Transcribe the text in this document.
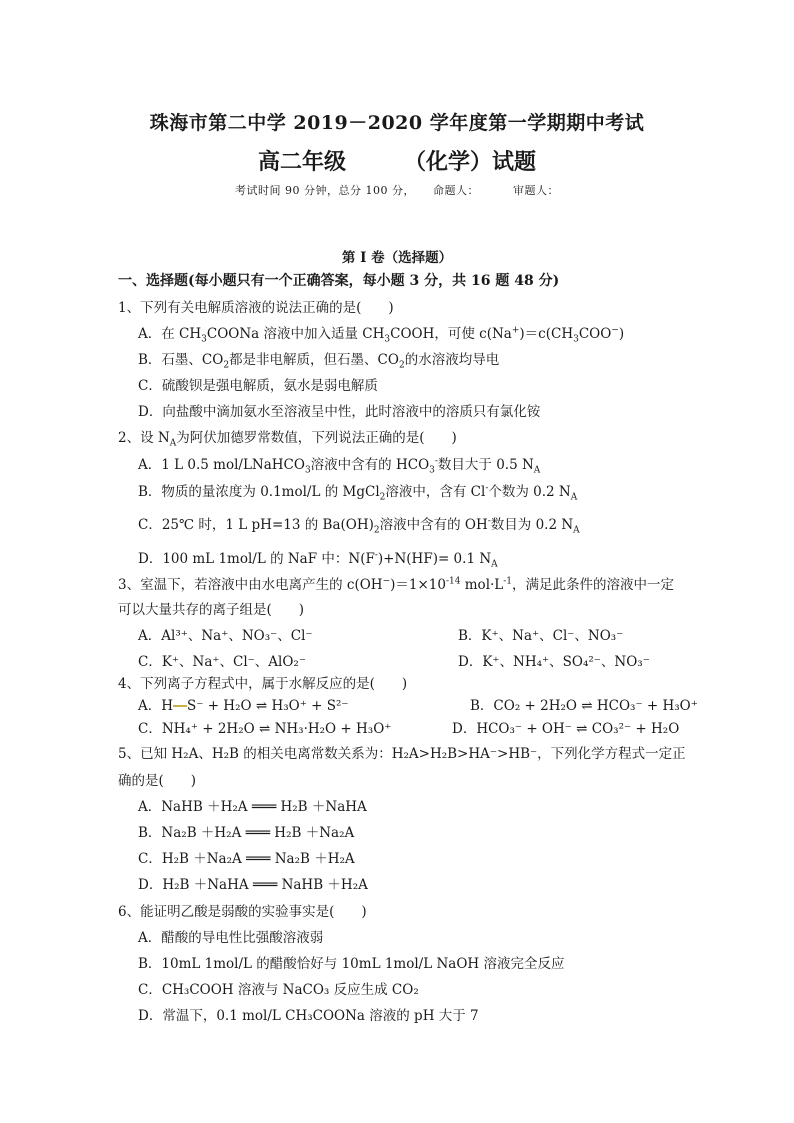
珠海市第二中学 2019－2020 学年度第一学期期中考试
高二年级	（化学）试题
考试时间 90 分钟，总分 100 分， 命题人：	审题人：
第 I 卷（选择题）
一、选择题(每小题只有一个正确答案，每小题 3 分，共 16 题 48 分)
1、下列有关电解质溶液的说法正确的是(　　)
A．在 $CH_3COONa$ 溶液中加入适量 $CH_3COOH$，可使 $c(Na^+)=c(CH_3COO^-)$
B．石墨、$CO_2$都是非电解质，但石墨、$CO_2$的水溶液均导电
C．硫酸钡是强电解质，氨水是弱电解质
D．向盐酸中滴加氨水至溶液呈中性，此时溶液中的溶质只有氯化铵
2、设 $N_A$为阿伏加德罗常数值，下列说法正确的是(　　)
A．1 L 0.5 mol/LNaHCO$_3$溶液中含有的 $HCO_3^-$数目大于 0.5 $N_A$
B．物质的量浓度为 0.1mol/L 的 MgCl$_2$溶液中，含有 Cl-个数为 0.2 $N_A$
C．25℃ 时，1 L pH=13 的 $Ba(OH)_2$溶液中含有的 OH-数目为 0.2 $N_A$
D．100 mL 1mol/L 的 NaF 中：N(F-)+N(HF)= 0.1 $N_A$
3、室温下，若溶液中由水电离产生的 $c(OH^-)=1\times 10^{-14}$ $mol\cdot L^{-1}$，满足此条件的溶液中一定
可以大量共存的离子组是(　　)
A．Al³⁺、Na⁺、NO₃⁻、Cl⁻	B．K⁺、Na⁺、Cl⁻、NO₃⁻
C．K⁺、Na⁺、Cl⁻、AlO₂⁻	D．K⁺、NH₄⁺、SO₄²⁻、NO₃⁻
4、下列离子方程式中，属于水解反应的是(　　)
A．H S⁻ + H₂O ⇌ H₃O⁺ + S²⁻	B．CO₂ + 2H₂O ⇌ HCO₃⁻ + H₃O⁺
C．NH₄⁺ + 2H₂O ⇌ NH₃·H₂O + H₃O⁺	D．HCO₃⁻ + OH⁻ ⇌ CO₃²⁻ + H₂O
5、已知 H₂A、H₂B 的相关电离常数关系为：H₂A>H₂B>HA⁻>HB⁻，下列化学方程式一定正
确的是(　　)
A．NaHB ＋H₂A ═══ H₂B ＋NaHA
B．Na₂B ＋H₂A ═══ H₂B ＋Na₂A
C．H₂B ＋Na₂A ═══ Na₂B ＋H₂A
D．H₂B ＋NaHA ═══ NaHB ＋H₂A
6、能证明乙酸是弱酸的实验事实是(　　)
A．醋酸的导电性比强酸溶液弱
B．10mL 1mol/L 的醋酸恰好与 10mL 1mol/L NaOH 溶液完全反应
C．CH₃COOH 溶液与 NaCO₃ 反应生成 CO₂
D．常温下，0.1 mol/L CH₃COONa 溶液的 pH 大于 7
